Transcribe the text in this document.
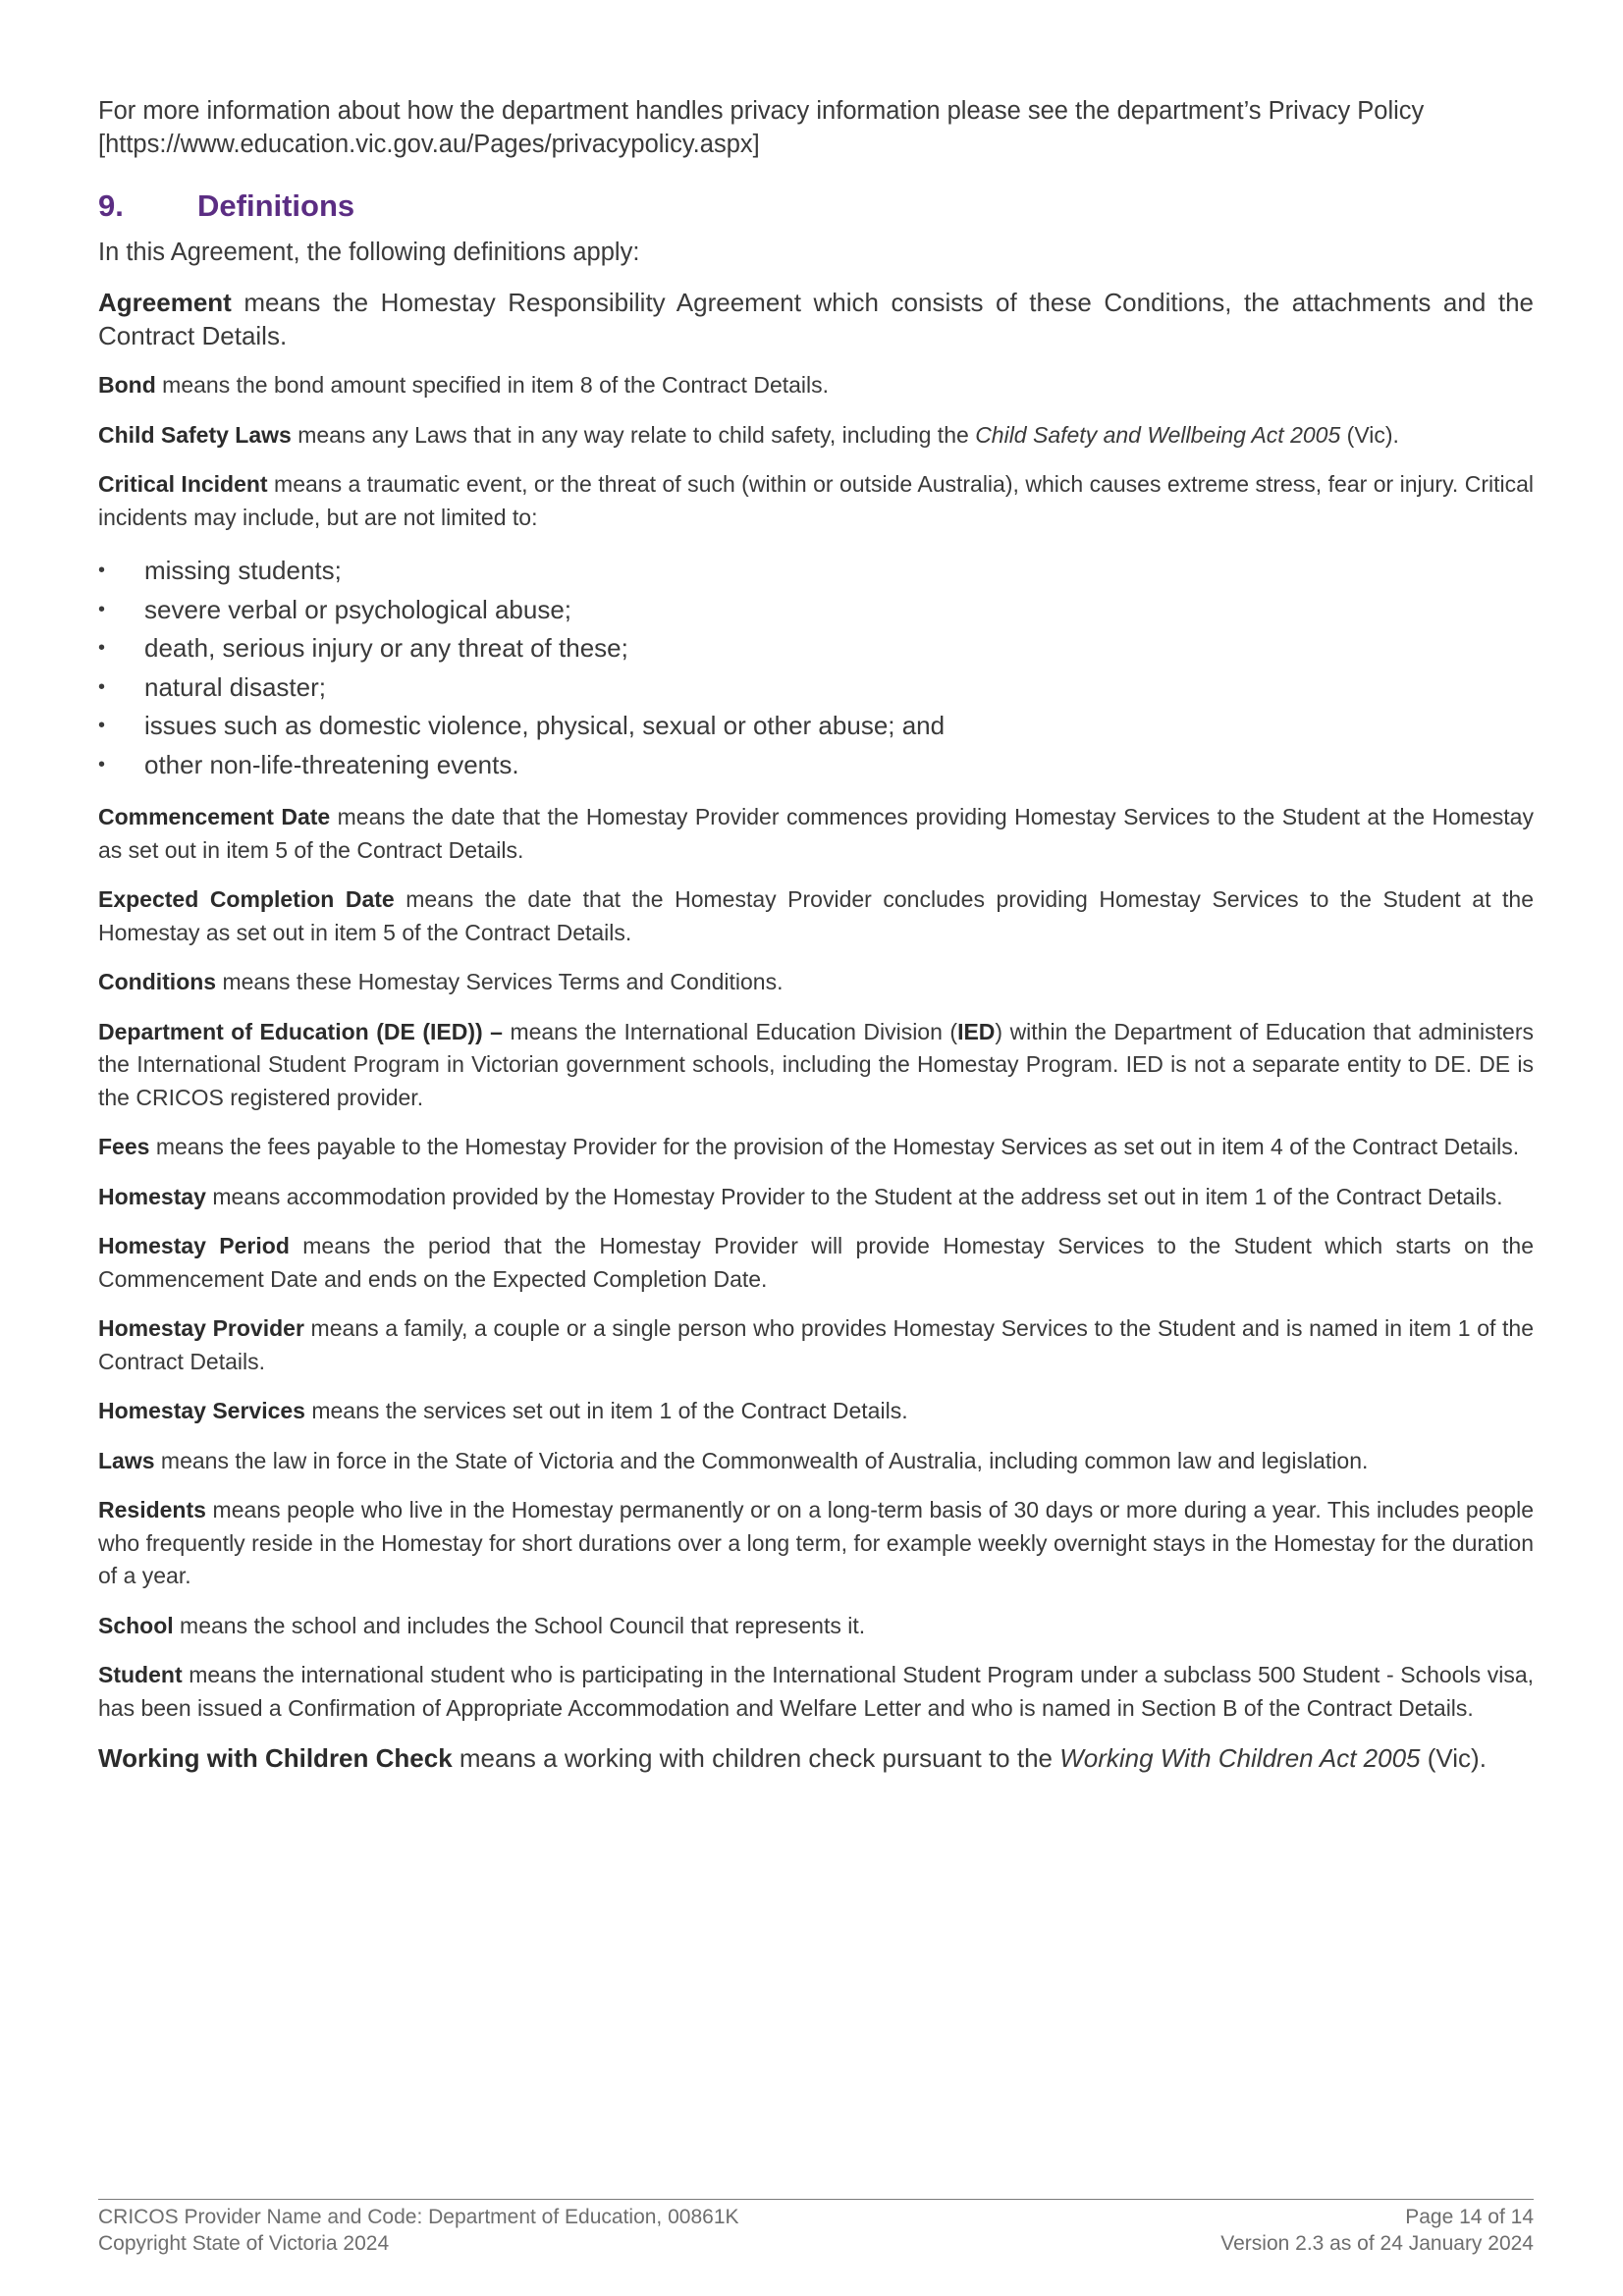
For more information about how the department handles privacy information please see the department’s Privacy Policy [https://www.education.vic.gov.au/Pages/privacypolicy.aspx]

9.	Definitions

In this Agreement, the following definitions apply:

Agreement means the Homestay Responsibility Agreement which consists of these Conditions, the attachments and the Contract Details.

Bond means the bond amount specified in item 8 of the Contract Details.

Child Safety Laws means any Laws that in any way relate to child safety, including the Child Safety and Wellbeing Act 2005 (Vic).

Critical Incident means a traumatic event, or the threat of such (within or outside Australia), which causes extreme stress, fear or injury. Critical incidents may include, but are not limited to:

•	missing students;
•	severe verbal or psychological abuse;
•	death, serious injury or any threat of these;
•	natural disaster;
•	issues such as domestic violence, physical, sexual or other abuse; and
•	other non-life-threatening events.

Commencement Date means the date that the Homestay Provider commences providing Homestay Services to the Student at the Homestay as set out in item 5 of the Contract Details.

Expected Completion Date means the date that the Homestay Provider concludes providing Homestay Services to the Student at the Homestay as set out in item 5 of the Contract Details.

Conditions means these Homestay Services Terms and Conditions.

Department of Education (DE (IED)) – means the International Education Division (IED) within the Department of Education that administers the International Student Program in Victorian government schools, including the Homestay Program. IED is not a separate entity to DE. DE is the CRICOS registered provider.

Fees means the fees payable to the Homestay Provider for the provision of the Homestay Services as set out in item 4 of the Contract Details.

Homestay means accommodation provided by the Homestay Provider to the Student at the address set out in item 1 of the Contract Details.

Homestay Period means the period that the Homestay Provider will provide Homestay Services to the Student which starts on the Commencement Date and ends on the Expected Completion Date.

Homestay Provider means a family, a couple or a single person who provides Homestay Services to the Student and is named in item 1 of the Contract Details.

Homestay Services means the services set out in item 1 of the Contract Details.

Laws means the law in force in the State of Victoria and the Commonwealth of Australia, including common law and legislation.

Residents means people who live in the Homestay permanently or on a long-term basis of 30 days or more during a year. This includes people who frequently reside in the Homestay for short durations over a long term, for example weekly overnight stays in the Homestay for the duration of a year.

School means the school and includes the School Council that represents it.

Student means the international student who is participating in the International Student Program under a subclass 500 Student - Schools visa, has been issued a Confirmation of Appropriate Accommodation and Welfare Letter and who is named in Section B of the Contract Details.

Working with Children Check means a working with children check pursuant to the Working With Children Act 2005 (Vic).

CRICOS Provider Name and Code: Department of Education, 00861K	Page 14 of 14
Copyright State of Victoria 2024	Version 2.3 as of 24 January 2024
